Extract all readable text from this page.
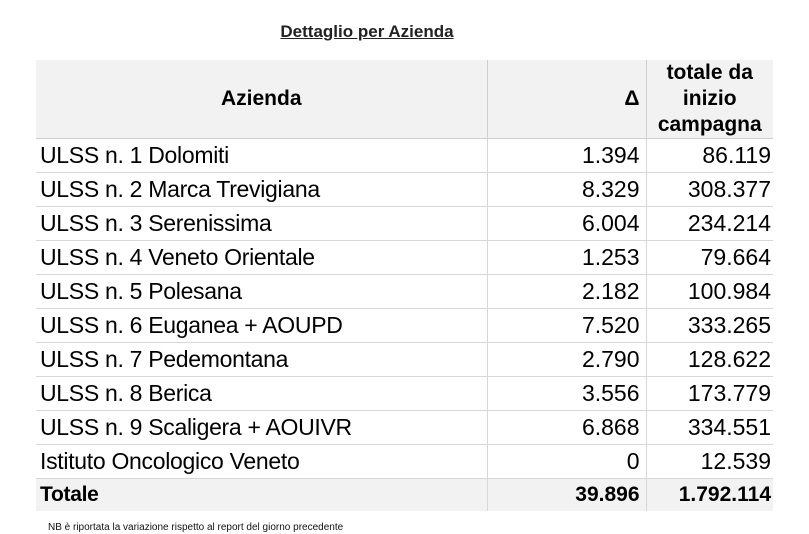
Dettaglio per Azienda
Azienda	Δ	totale da inizio campagna
ULSS n. 1 Dolomiti	1.394	86.119
ULSS n. 2 Marca Trevigiana	8.329	308.377
ULSS n. 3 Serenissima	6.004	234.214
ULSS n. 4 Veneto Orientale	1.253	79.664
ULSS n. 5 Polesana	2.182	100.984
ULSS n. 6 Euganea + AOUPD	7.520	333.265
ULSS n. 7 Pedemontana	2.790	128.622
ULSS n. 8 Berica	3.556	173.779
ULSS n. 9 Scaligera + AOUIVR	6.868	334.551
Istituto Oncologico Veneto	0	12.539
Totale	39.896	1.792.114
NB è riportata la variazione rispetto al report del giorno precedente
